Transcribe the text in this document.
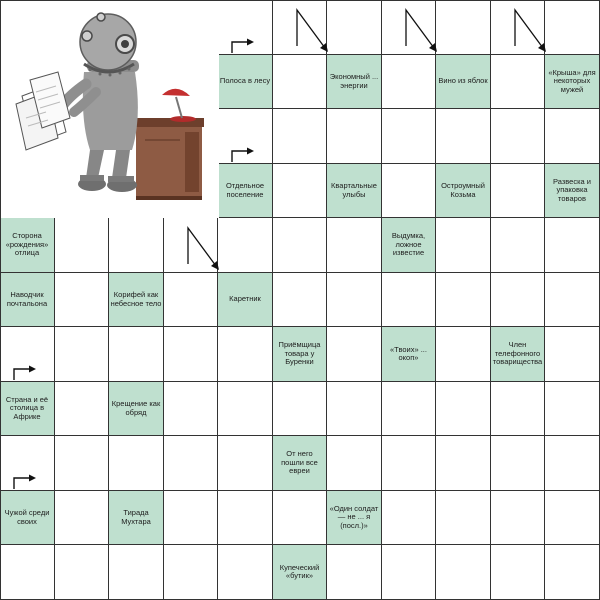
Полоса в лесу	Экономный ... энергии	Вино из яблок
«Крыша» для некоторых мужей
Отдельное поселение
Квартальные улыбы
Остроумный Козьма
Развеска и упаковка товаров
Сторона «рождения» отлица
Выдумка, ложное известие
Наводчик почтальона
Корифей как небесное тело	Каретник
Приёмщица товара у Буренки
«Твоих» ... окоп»
Член телефонного товарищества
Страна и её столица в Африке
Крещение как обряд
От него пошли все евреи
Чужой среди своих
Тирада Мухтара
«Один солдат — не ... я (посл.)»
Купеческий «бутик»
